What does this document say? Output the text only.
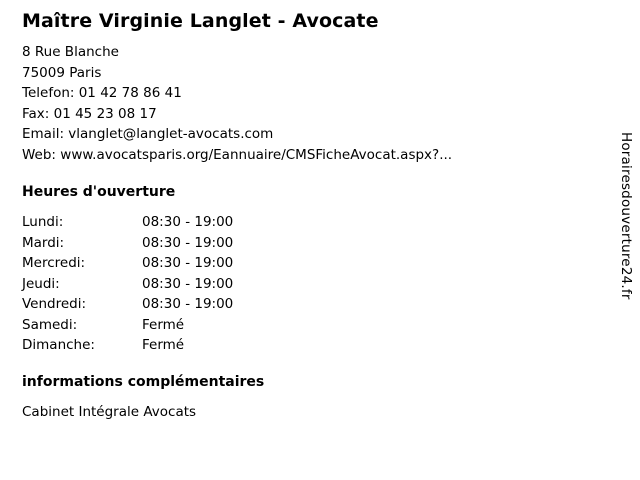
Maître Virginie Langlet - Avocate
8 Rue Blanche
75009 Paris
Telefon: 01 42 78 86 41
Fax: 01 45 23 08 17
Email: vlanglet@langlet-avocats.com
Web: www.avocatsparis.org/Eannuaire/CMSFicheAvocat.aspx?...
Heures d'ouverture
Lundi:	08:30 - 19:00
Mardi:	08:30 - 19:00
Mercredi:	08:30 - 19:00
Jeudi:	08:30 - 19:00
Vendredi:	08:30 - 19:00
Samedi:	Fermé
Dimanche:	Fermé
informations complémentaires
Cabinet Intégrale Avocats
Horairesdouverture24.fr
